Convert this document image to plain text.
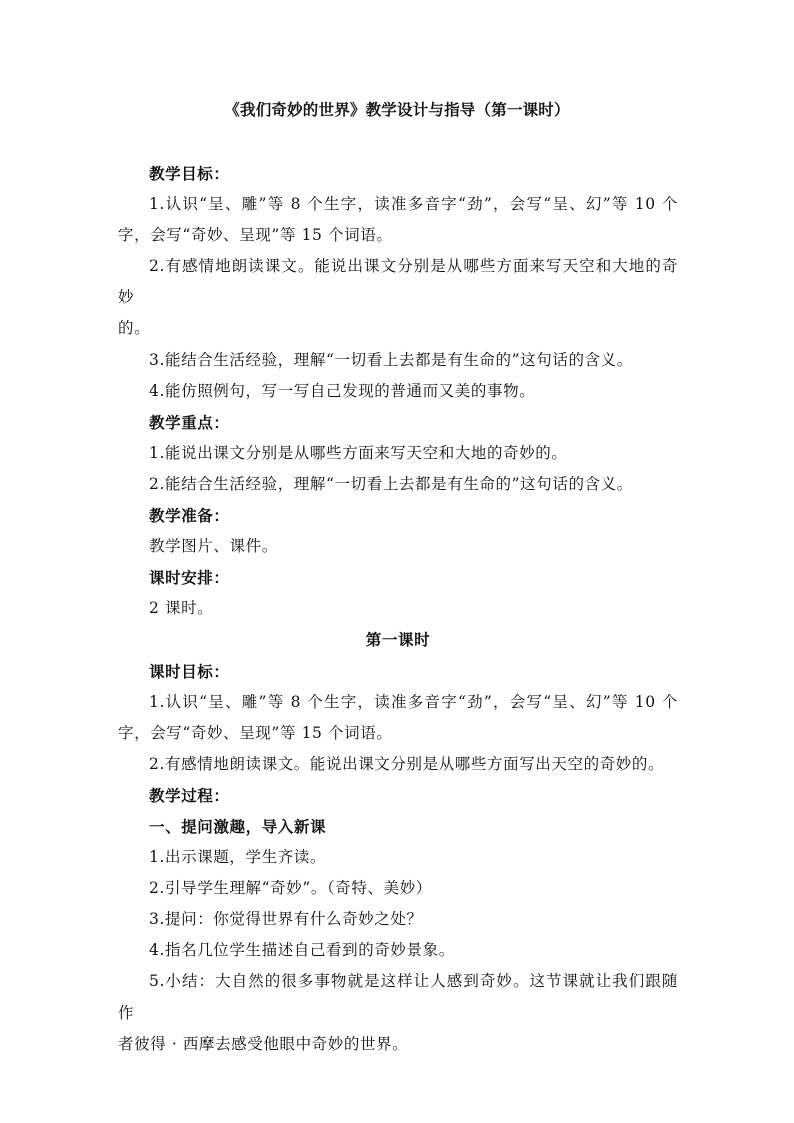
《我们奇妙的世界》教学设计与指导（第一课时）

教学目标：

1.认识“呈、雕”等 8 个生字，读准多音字“劲”，会写“呈、幻”等 10 个

字，会写“奇妙、呈现”等 15 个词语。

2.有感情地朗读课文。能说出课文分别是从哪些方面来写天空和大地的奇妙

的。

3.能结合生活经验，理解“一切看上去都是有生命的”这句话的含义。

4.能仿照例句，写一写自己发现的普通而又美的事物。

教学重点：

1.能说出课文分别是从哪些方面来写天空和大地的奇妙的。

2.能结合生活经验，理解“一切看上去都是有生命的”这句话的含义。

教学准备：

教学图片、课件。

课时安排：

2 课时。

第一课时

课时目标：

1.认识“呈、雕”等 8 个生字，读准多音字“劲”，会写“呈、幻”等 10 个

字，会写“奇妙、呈现”等 15 个词语。

2.有感情地朗读课文。能说出课文分别是从哪些方面写出天空的奇妙的。

教学过程：

一、提问激趣，导入新课

1.出示课题，学生齐读。

2.引导学生理解“奇妙”。（奇特、美妙）

3.提问：你觉得世界有什么奇妙之处？

4.指名几位学生描述自己看到的奇妙景象。

5.小结：大自然的很多事物就是这样让人感到奇妙。这节课就让我们跟随作

者彼得 · 西摩去感受他眼中奇妙的世界。
